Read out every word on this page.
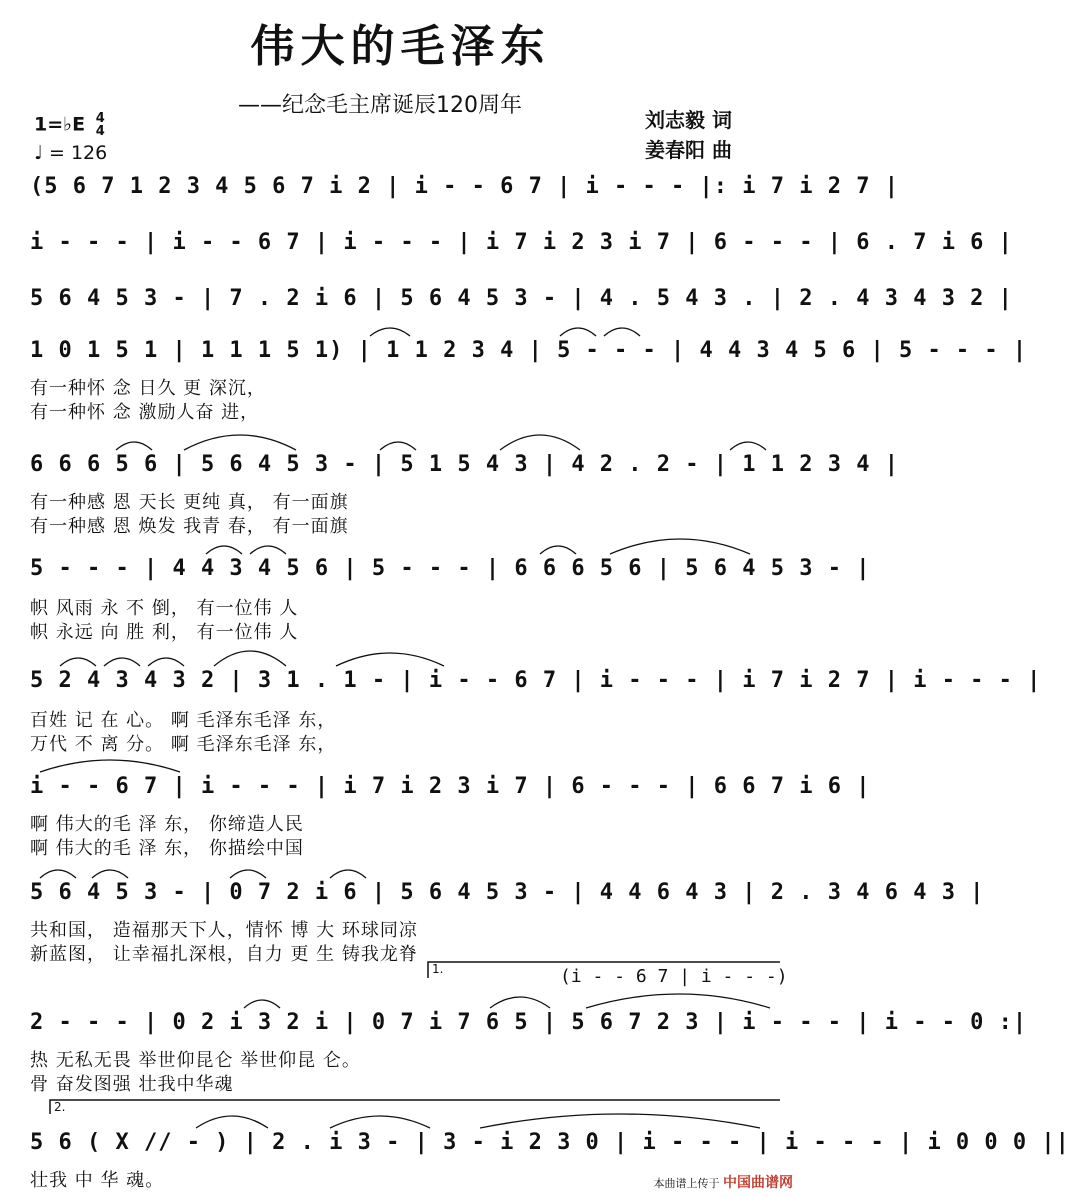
伟大的毛泽东
——纪念毛主席诞辰120周年
刘志毅 词
姜春阳 曲
1=♭E 4
4
♩ = 126
(5 6 7 1 2 3 4 5 6 7 i 2 | i - - 6 7 | i - - - |: i 7 i 2 7 |
i - - - | i - - 6 7 | i - - - | i 7 i 2 3 i 7 | 6 - - - | 6 . 7 i 6 |
5 6 4 5 3 - | 7 . 2 i 6 | 5 6 4 5 3 - | 4 . 5 4 3 . | 2 . 4 3 4 3 2 |
1 0 1 5 1 | 1 1 1 5 1) | 1 1 2 3 4 | 5 - - - | 4 4 3 4 5 6 | 5 - - - |
有一种怀 念 日久 更 深沉，
有一种怀 念 激励人奋 进，
6 6 6 5 6 | 5 6 4 5 3 - | 5 1 5 4 3 | 4 2 . 2 - | 1 1 2 3 4 |
有一种感 恩 天长 更纯 真， 有一面旗
有一种感 恩 焕发 我青 春， 有一面旗
5 - - - | 4 4 3 4 5 6 | 5 - - - | 6 6 6 5 6 | 5 6 4 5 3 - |
帜 风雨 永 不 倒， 有一位伟 人
帜 永远 向 胜 利， 有一位伟 人
5 2 4 3 4 3 2 | 3 1 . 1 - | i - - 6 7 | i - - - | i 7 i 2 7 | i - - - |
百姓 记 在 心。 啊 毛泽东毛泽 东，
万代 不 离 分。 啊 毛泽东毛泽 东，
i - - 6 7 | i - - - | i 7 i 2 3 i 7 | 6 - - - | 6 6 7 i 6 |
啊 伟大的毛 泽 东， 你缔造人民
啊 伟大的毛 泽 东， 你描绘中国
5 6 4 5 3 - | 0 7 2 i 6 | 5 6 4 5 3 - | 4 4 6 4 3 | 2 . 3 4 6 4 3 |
共和国， 造福那天下人，情怀 博 大 环球同凉
新蓝图， 让幸福扎深根，自力 更 生 铸我龙脊
1.	(i - - 6 7 | i - - -)
2 - - - | 0 2 i 3 2 i | 0 7 i 7 6 5 | 5 6 7 2 3 | i - - - | i - - 0 :|
热 无私无畏 举世仰昆仑 举世仰昆 仑。
骨 奋发图强 壮我中华魂
2.
5 6 ( X // - ) | 2 . i 3 - | 3 - i 2 3 0 | i - - - | i - - - | i 0 0 0 ||
壮我 中 华 魂。	本曲谱上传于 中国曲谱网
